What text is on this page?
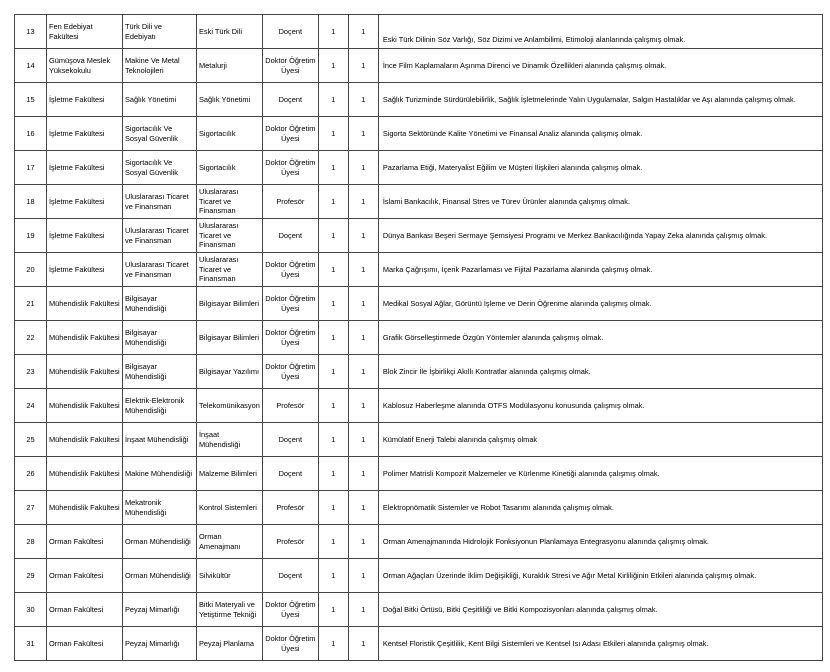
13	Fen Edebiyat Fakültesi	Türk Dili ve Edebiyatı	Eski Türk Dili	Doçent	1	1	Eski Türk Dilinin Söz Varlığı, Söz Dizimi ve Anlambilimi, Etimoloji alanlarında çalışmış olmak.
14	Gümüşova Meslek Yüksekokulu	Makine Ve Metal Teknolojileri	Metalurji	Doktor Öğretim Üyesi	1	1	İnce Film Kaplamaların Aşınma Direnci ve Dinamik Özellikleri alanında çalışmış olmak.
15	İşletme Fakültesi	Sağlık Yönetimi	Sağlık Yönetimi	Doçent	1	1	Sağlık Turizminde Sürdürülebilirlik, Sağlık İşletmelerinde Yalın Uygulamalar, Salgın Hastalıklar ve Aşı alanında çalışmış olmak.
16	İşletme Fakültesi	Sigortacılık Ve Sosyal Güvenlik	Sigortacılık	Doktor Öğretim Üyesi	1	1	Sigorta Sektöründe Kalite Yönetimi ve Finansal Analiz alanında çalışmış olmak.
17	İşletme Fakültesi	Sigortacılık Ve Sosyal Güvenlik	Sigortacılık	Doktor Öğretim Üyesi	1	1	Pazarlama Etiği, Materyalist Eğilim ve Müşteri İlişkileri alanında çalışmış olmak.
18	İşletme Fakültesi	Uluslararası Ticaret ve Finansman	Uluslararası Ticaret ve Finansman	Profesör	1	1	İslami Bankacılık, Finansal Stres ve Türev Ürünler alanında çalışmış olmak.
19	İşletme Fakültesi	Uluslararası Ticaret ve Finansman	Uluslararası Ticaret ve Finansman	Doçent	1	1	Dünya Bankası Beşeri Sermaye Şemsiyesi Programı ve Merkez Bankacılığında Yapay Zeka alanında çalışmış olmak.
20	İşletme Fakültesi	Uluslararası Ticaret ve Finansman	Uluslararası Ticaret ve Finansman	Doktor Öğretim Üyesi	1	1	Marka Çağrışımı, İçerik Pazarlaması ve Fijital Pazarlama alanında çalışmış olmak.
21	Mühendislik Fakültesi	Bilgisayar Mühendisliği	Bilgisayar Bilimleri	Doktor Öğretim Üyesi	1	1	Medikal Sosyal Ağlar, Görüntü İşleme ve Derin Öğrenme alanında çalışmış olmak.
22	Mühendislik Fakültesi	Bilgisayar Mühendisliği	Bilgisayar Bilimleri	Doktor Öğretim Üyesi	1	1	Grafik Görselleştirmede Özgün Yöntemler alanında çalışmış olmak.
23	Mühendislik Fakültesi	Bilgisayar Mühendisliği	Bilgisayar Yazılımı	Doktor Öğretim Üyesi	1	1	Blok Zincir İle İşbirlikçi Akıllı Kontratlar alanında çalışmış olmak.
24	Mühendislik Fakültesi	Elektrik-Elektronik Mühendisliği	Telekomünikasyon	Profesör	1	1	Kablosuz Haberleşme alanında OTFS Modülasyonu konusunda çalışmış olmak.
25	Mühendislik Fakültesi	İnşaat Mühendisliği	İnşaat Mühendisliği	Doçent	1	1	Kümülatif Enerji Talebi alanında çalışmış olmak
26	Mühendislik Fakültesi	Makine Mühendisliği	Malzeme Bilimleri	Doçent	1	1	Polimer Matrisli Kompozit Malzemeler ve Kürlenme Kinetiği alanında çalışmış olmak.
27	Mühendislik Fakültesi	Mekatronik Mühendisliği	Kontrol Sistemleri	Profesör	1	1	Elektropnömatik Sistemler ve Robot Tasarımı alanında çalışmış olmak.
28	Orman Fakültesi	Orman Mühendisliği	Orman Amenajmanı	Profesör	1	1	Orman Amenajmanında Hidrolojik Fonksiyonun Planlamaya Entegrasyonu alanında çalışmış olmak.
29	Orman Fakültesi	Orman Mühendisliği	Silvikültür	Doçent	1	1	Orman Ağaçları Üzerinde İklim Değişikliği, Kuraklık Stresi ve Ağır Metal Kirliliğinin Etkileri alanında çalışmış olmak.
30	Orman Fakültesi	Peyzaj Mimarlığı	Bitki Materyali ve Yetiştirme Tekniği	Doktor Öğretim Üyesi	1	1	Doğal Bitki Örtüsü, Bitki Çeşitliliği ve Bitki Kompozisyonları alanında çalışmış olmak.
31	Orman Fakültesi	Peyzaj Mimarlığı	Peyzaj Planlama	Doktor Öğretim Üyesi	1	1	Kentsel Floristik Çeşitlilik, Kent Bilgi Sistemleri ve Kentsel Isı Adası Etkileri alanında çalışmış olmak.
